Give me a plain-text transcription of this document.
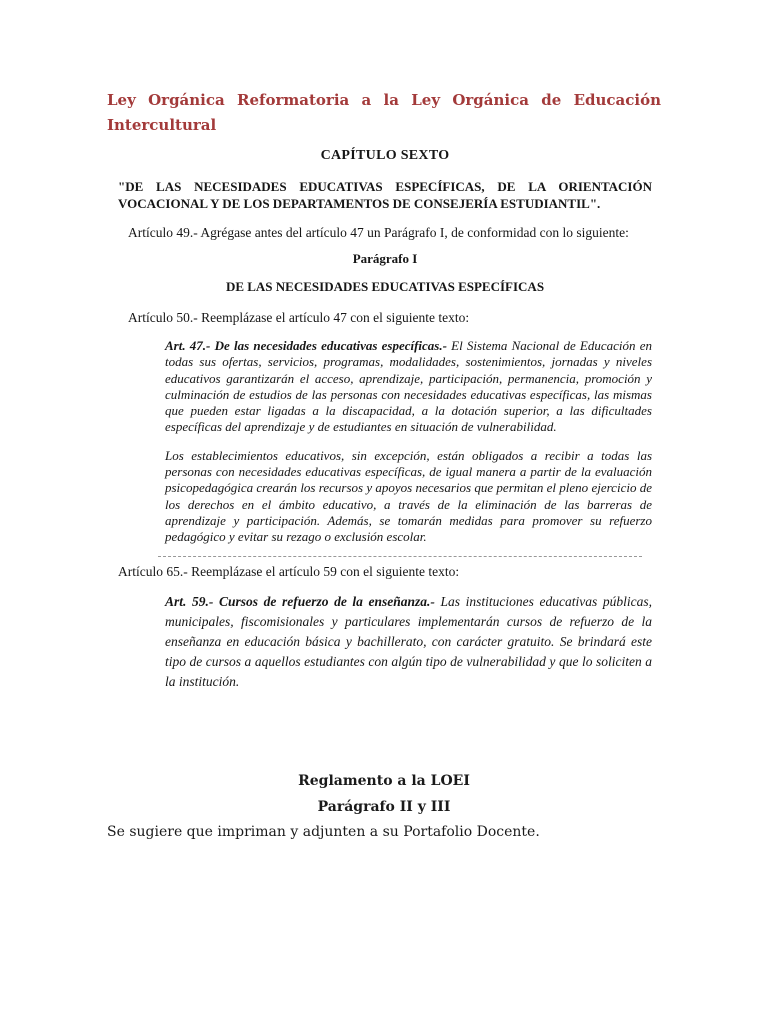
Ley Orgánica Reformatoria a la Ley Orgánica de Educación
Intercultural

CAPÍTULO SEXTO

"DE LAS NECESIDADES EDUCATIVAS ESPECÍFICAS, DE LA ORIENTACIÓN VOCACIONAL Y DE LOS DEPARTAMENTOS DE CONSEJERÍA ESTUDIANTIL".

Artículo 49.- Agrégase antes del artículo 47 un Parágrafo I, de conformidad con lo siguiente:

Parágrafo I

DE LAS NECESIDADES EDUCATIVAS ESPECÍFICAS

Artículo 50.- Reemplázase el artículo 47 con el siguiente texto:

Art. 47.- De las necesidades educativas específicas.- El Sistema Nacional de Educación en todas sus ofertas, servicios, programas, modalidades, sostenimientos, jornadas y niveles educativos garantizarán el acceso, aprendizaje, participación, permanencia, promoción y culminación de estudios de las personas con necesidades educativas específicas, las mismas que pueden estar ligadas a la discapacidad, a la dotación superior, a las dificultades específicas del aprendizaje y de estudiantes en situación de vulnerabilidad.

Los establecimientos educativos, sin excepción, están obligados a recibir a todas las personas con necesidades educativas específicas, de igual manera a partir de la evaluación psicopedagógica crearán los recursos y apoyos necesarios que permitan el pleno ejercicio de los derechos en el ámbito educativo, a través de la eliminación de las barreras de aprendizaje y participación. Además, se tomarán medidas para promover su refuerzo pedagógico y evitar su rezago o exclusión escolar.

Artículo 65.- Reemplázase el artículo 59 con el siguiente texto:

Art. 59.- Cursos de refuerzo de la enseñanza.- Las instituciones educativas públicas, municipales, fiscomisionales y particulares implementarán cursos de refuerzo de la enseñanza en educación básica y bachillerato, con carácter gratuito. Se brindará este tipo de cursos a aquellos estudiantes con algún tipo de vulnerabilidad y que lo soliciten a la institución.

Reglamento a la LOEI

Parágrafo II y III

Se sugiere que impriman y adjunten a su Portafolio Docente.
